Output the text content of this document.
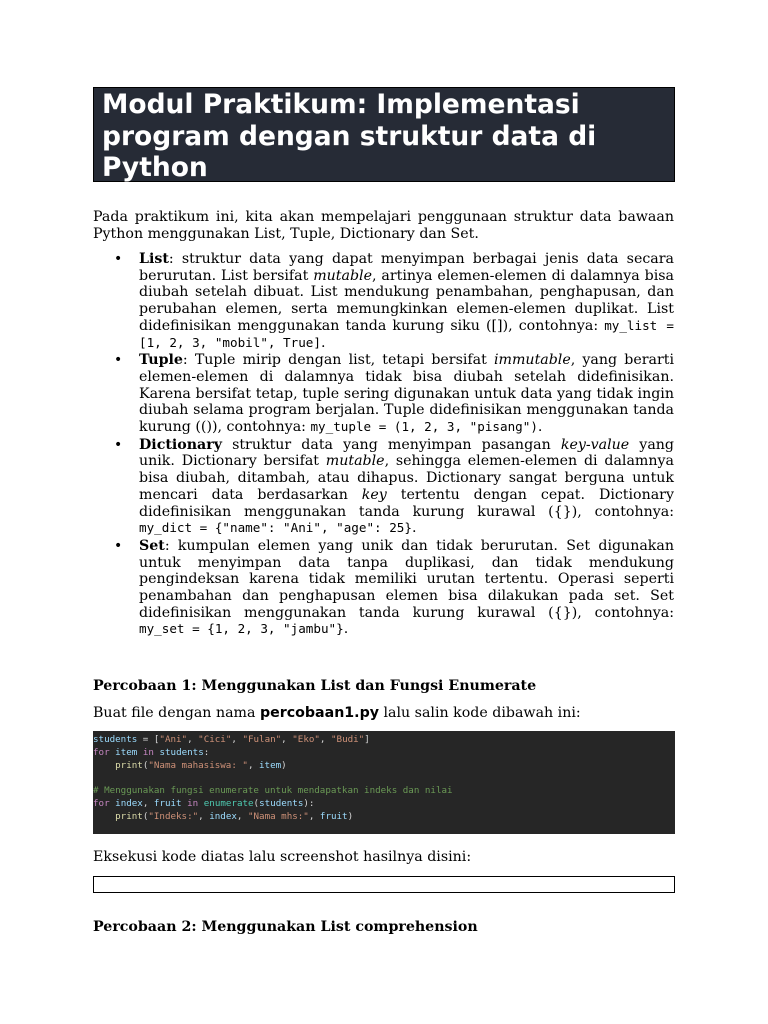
Modul Praktikum: Implementasi program dengan struktur data di Python

Pada praktikum ini, kita akan mempelajari penggunaan struktur data bawaan Python menggunakan List, Tuple, Dictionary dan Set.

• List: struktur data yang dapat menyimpan berbagai jenis data secara berurutan. List bersifat mutable, artinya elemen-elemen di dalamnya bisa diubah setelah dibuat. List mendukung penambahan, penghapusan, dan perubahan elemen, serta memungkinkan elemen-elemen duplikat. List didefinisikan menggunakan tanda kurung siku ([]), contohnya: my_list = [1, 2, 3, "mobil", True].
• Tuple: Tuple mirip dengan list, tetapi bersifat immutable, yang berarti elemen-elemen di dalamnya tidak bisa diubah setelah didefinisikan. Karena bersifat tetap, tuple sering digunakan untuk data yang tidak ingin diubah selama program berjalan. Tuple didefinisikan menggunakan tanda kurung (()), contohnya: my_tuple = (1, 2, 3, "pisang").
• Dictionary struktur data yang menyimpan pasangan key-value yang unik. Dictionary bersifat mutable, sehingga elemen-elemen di dalamnya bisa diubah, ditambah, atau dihapus. Dictionary sangat berguna untuk mencari data berdasarkan key tertentu dengan cepat. Dictionary didefinisikan menggunakan tanda kurung kurawal ({}), contohnya: my_dict = {"name": "Ani", "age": 25}.
• Set: kumpulan elemen yang unik dan tidak berurutan. Set digunakan untuk menyimpan data tanpa duplikasi, dan tidak mendukung pengindeksan karena tidak memiliki urutan tertentu. Operasi seperti penambahan dan penghapusan elemen bisa dilakukan pada set. Set didefinisikan menggunakan tanda kurung kurawal ({}), contohnya: my_set = {1, 2, 3, "jambu"}.

Percobaan 1: Menggunakan List dan Fungsi Enumerate

Buat file dengan nama percobaan1.py lalu salin kode dibawah ini:

students = ["Ani", "Cici", "Fulan", "Eko", "Budi"]
for item in students:
print("Nama mahasiswa: ", item)
# Menggunakan fungsi enumerate untuk mendapatkan indeks dan nilai
for index, fruit in enumerate(students):
print("Indeks:", index, "Nama mhs:", fruit)

Eksekusi kode diatas lalu screenshot hasilnya disini:

Percobaan 2: Menggunakan List comprehension
